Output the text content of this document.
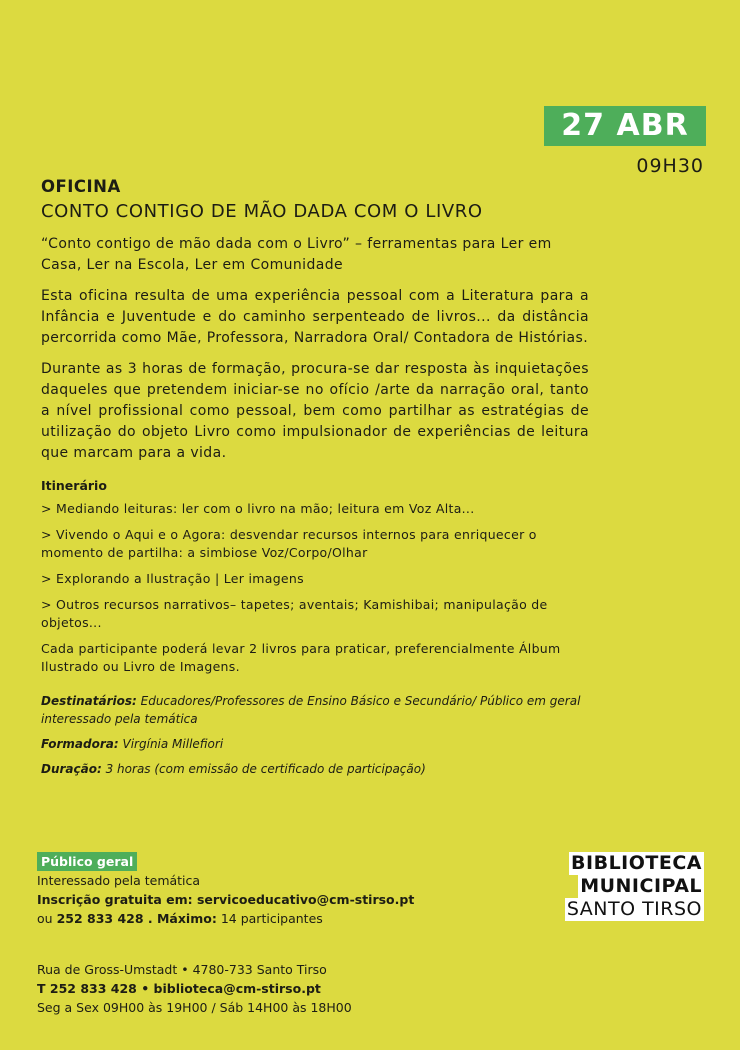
27 ABR
09H30
OFICINA
CONTO CONTIGO DE MÃO DADA COM O LIVRO

“Conto contigo de mão dada com o Livro” – ferramentas para Ler em Casa, Ler na Escola, Ler em Comunidade

Esta oficina resulta de uma experiência pessoal com a Literatura para a Infância e Juventude e do caminho serpenteado de livros... da distância percorrida como Mãe, Professora, Narradora Oral/ Contadora de Histórias.

Durante as 3 horas de formação, procura-se dar resposta às inquietações daqueles que pretendem iniciar-se no ofício /arte da narração oral, tanto a nível profissional como pessoal, bem como partilhar as estratégias de utilização do objeto Livro como impulsionador de experiências de leitura que marcam para a vida.

Itinerário

> Mediando leituras: ler com o livro na mão; leitura em Voz Alta...

> Vivendo o Aqui e o Agora: desvendar recursos internos para enriquecer o momento de partilha: a simbiose Voz/Corpo/Olhar

> Explorando a Ilustração | Ler imagens

> Outros recursos narrativos– tapetes; aventais; Kamishibai; manipulação de objetos...

Cada participante poderá levar 2 livros para praticar, preferencialmente Álbum Ilustrado ou Livro de Imagens.

Destinatários: Educadores/Professores de Ensino Básico e Secundário/ Público em geral interessado pela temática

Formadora: Virgínia Millefiori

Duração: 3 horas (com emissão de certificado de participação)

Público geral
Interessado pela temática
Inscrição gratuita em: servicoeducativo@cm-stirso.pt
ou 252 833 428 . Máximo: 14 participantes
Rua de Gross-Umstadt • 4780-733 Santo Tirso
T 252 833 428 • biblioteca@cm-stirso.pt
Seg a Sex 09H00 às 19H00 / Sáb 14H00 às 18H00
BIBLIOTECA
MUNICIPAL
SANTO TIRSO
